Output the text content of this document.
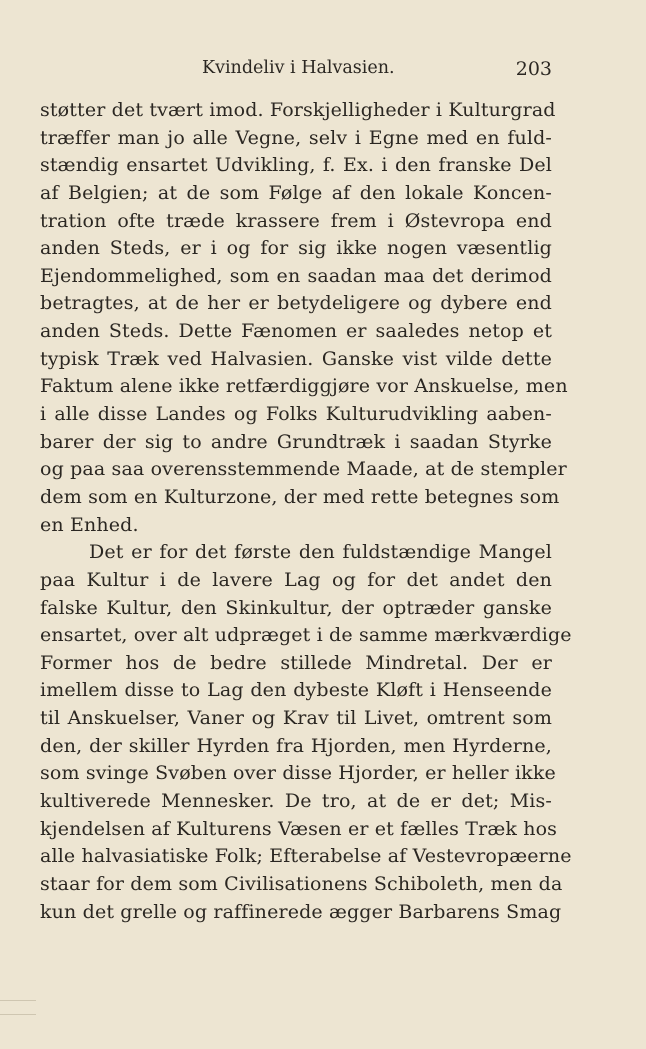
Kvindeliv i Halvasien.	203
støtter det tvært imod. Forskjelligheder i Kulturgrad
træffer man jo alle Vegne, selv i Egne med en fuld-
stændig ensartet Udvikling, f. Ex. i den franske Del
af Belgien; at de som Følge af den lokale Koncen-
tration ofte træde krassere frem i Østevropa end
anden Steds, er i og for sig ikke nogen væsentlig
Ejendommelighed, som en saadan maa det derimod
betragtes, at de her er betydeligere og dybere end
anden Steds. Dette Fænomen er saaledes netop et
typisk Træk ved Halvasien. Ganske vist vilde dette
Faktum alene ikke retfærdiggjøre vor Anskuelse, men
i alle disse Landes og Folks Kulturudvikling aaben-
barer der sig to andre Grundtræk i saadan Styrke
og paa saa overensstemmende Maade, at de stempler
dem som en Kulturzone, der med rette betegnes som
en Enhed.
Det er for det første den fuldstændige Mangel
paa Kultur i de lavere Lag og for det andet den
falske Kultur, den Skinkultur, der optræder ganske
ensartet, over alt udpræget i de samme mærkværdige
Former hos de bedre stillede Mindretal. Der er
imellem disse to Lag den dybeste Kløft i Henseende
til Anskuelser, Vaner og Krav til Livet, omtrent som
den, der skiller Hyrden fra Hjorden, men Hyrderne,
som svinge Svøben over disse Hjorder, er heller ikke
kultiverede Mennesker. De tro, at de er det; Mis-
kjendelsen af Kulturens Væsen er et fælles Træk hos
alle halvasiatiske Folk; Efterabelse af Vestevropæerne
staar for dem som Civilisationens Schiboleth, men da
kun det grelle og raffinerede ægger Barbarens Smag
